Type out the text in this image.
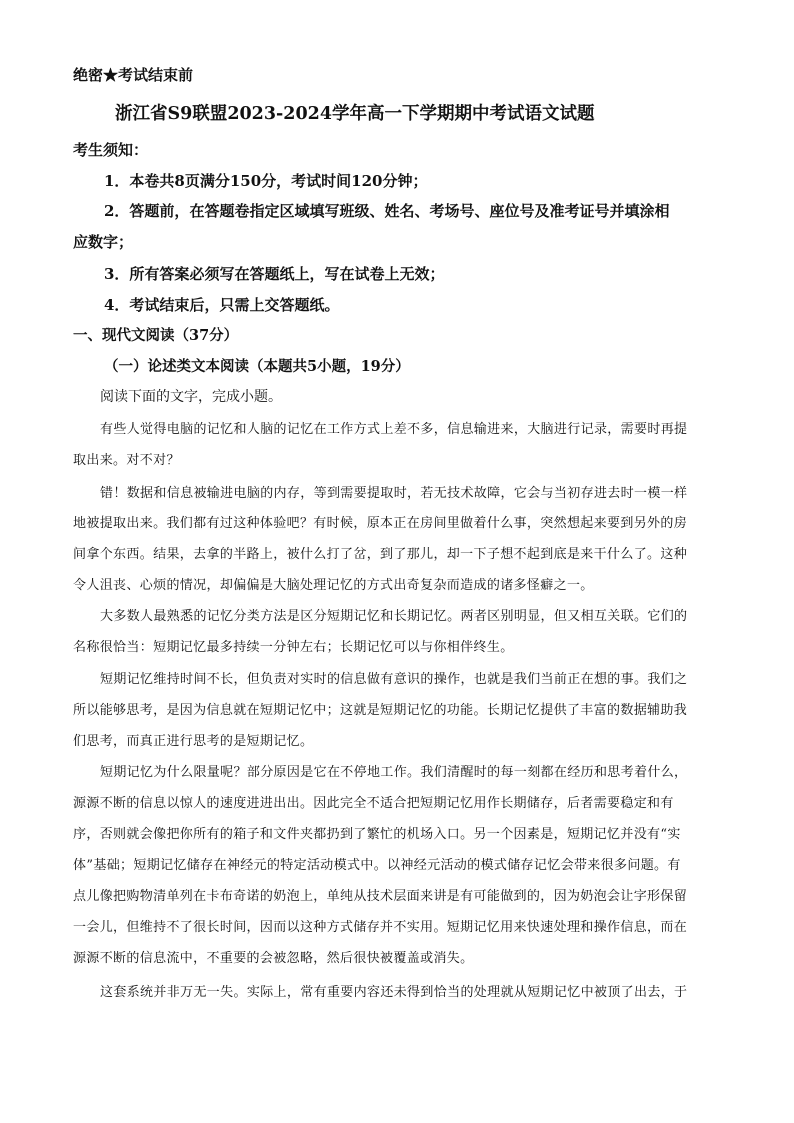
绝密★考试结束前
浙江省S9联盟2023-2024学年高一下学期期中考试语文试题
考生须知：
1．本卷共8页满分150分，考试时间120分钟；
2．答题前，在答题卷指定区域填写班级、姓名、考场号、座位号及准考证号并填涂相
应数字；
3．所有答案必须写在答题纸上，写在试卷上无效；
4．考试结束后，只需上交答题纸。
一、现代文阅读（37分）
（一）论述类文本阅读（本题共5小题，19分）
阅读下面的文字，完成小题。
有些人觉得电脑的记忆和人脑的记忆在工作方式上差不多，信息输进来，大脑进行记录，需要时再提
取出来。对不对？
错！数据和信息被输进电脑的内存，等到需要提取时，若无技术故障，它会与当初存进去时一模一样
地被提取出来。我们都有过这种体验吧？有时候，原本正在房间里做着什么事，突然想起来要到另外的房
间拿个东西。结果，去拿的半路上，被什么打了岔，到了那儿，却一下子想不起到底是来干什么了。这种
令人沮丧、心烦的情况，却偏偏是大脑处理记忆的方式出奇复杂而造成的诸多怪癖之一。
大多数人最熟悉的记忆分类方法是区分短期记忆和长期记忆。两者区别明显，但又相互关联。它们的
名称很恰当：短期记忆最多持续一分钟左右；长期记忆可以与你相伴终生。
短期记忆维持时间不长，但负责对实时的信息做有意识的操作，也就是我们当前正在想的事。我们之
所以能够思考，是因为信息就在短期记忆中；这就是短期记忆的功能。长期记忆提供了丰富的数据辅助我
们思考，而真正进行思考的是短期记忆。
短期记忆为什么限量呢？部分原因是它在不停地工作。我们清醒时的每一刻都在经历和思考着什么，
源源不断的信息以惊人的速度进进出出。因此完全不适合把短期记忆用作长期储存，后者需要稳定和有
序，否则就会像把你所有的箱子和文件夹都扔到了繁忙的机场入口。另一个因素是，短期记忆并没有“实
体”基础；短期记忆储存在神经元的特定活动模式中。以神经元活动的模式储存记忆会带来很多问题。有
点儿像把购物清单列在卡布奇诺的奶泡上，单纯从技术层面来讲是有可能做到的，因为奶泡会让字形保留
一会儿，但维持不了很长时间，因而以这种方式储存并不实用。短期记忆用来快速处理和操作信息，而在
源源不断的信息流中，不重要的会被忽略，然后很快被覆盖或消失。
这套系统并非万无一失。实际上，常有重要内容还未得到恰当的处理就从短期记忆中被顶了出去，于
